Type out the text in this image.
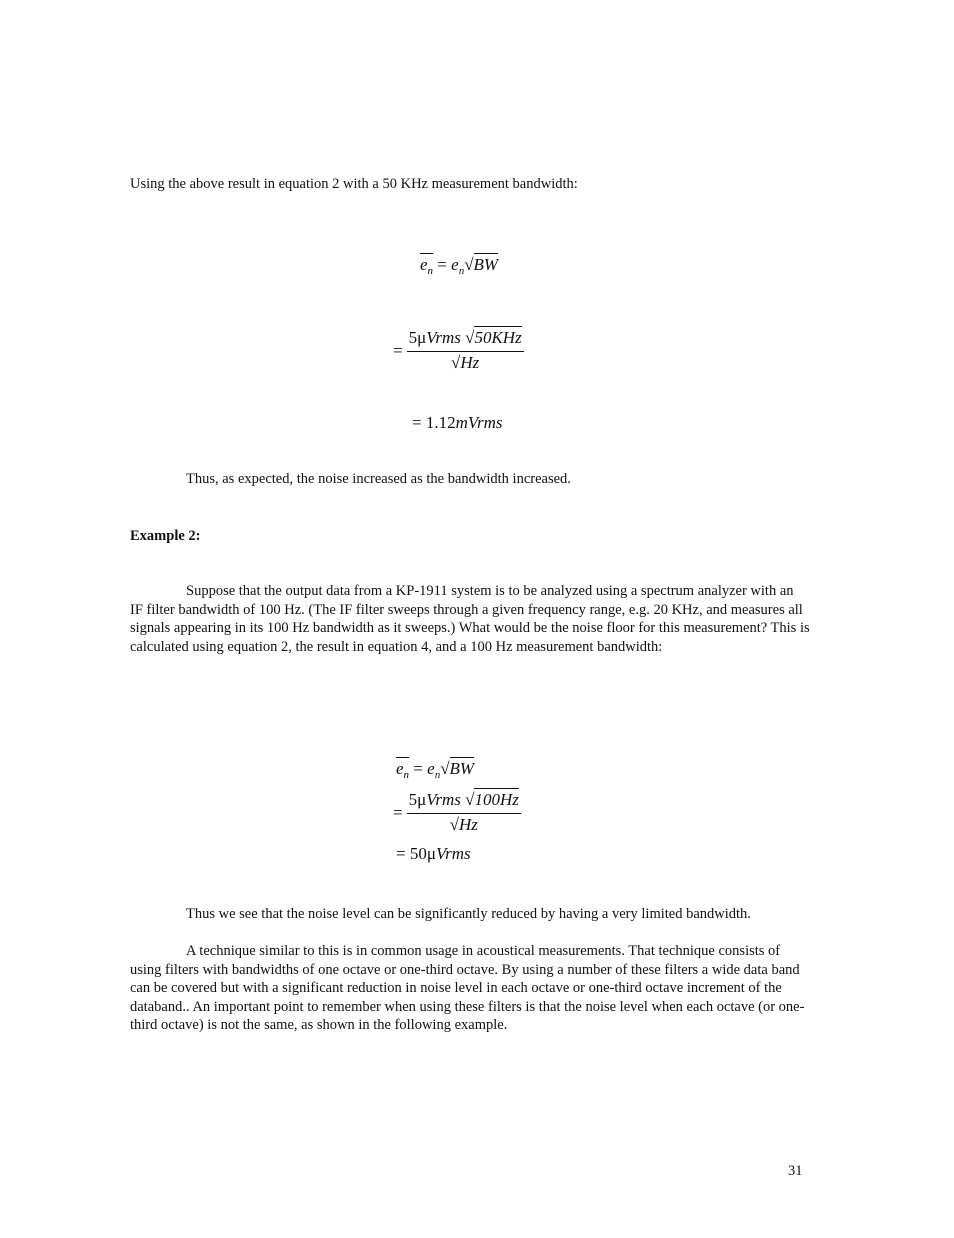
Using the above result in equation 2 with a 50 KHz measurement bandwidth:

$e_n = e_n√BW$
= $\frac{\text{5μVrms √50KHz}}{√Hz}$
= 1.12mVrms

Thus, as expected, the noise increased as the bandwidth increased.

Example 2:

Suppose that the output data from a KP-1911 system is to be analyzed using a spectrum analyzer with an IF filter bandwidth of 100 Hz. (The IF filter sweeps through a given frequency range, e.g. 20 KHz, and measures all signals appearing in its 100 Hz bandwidth as it sweeps.) What would be the noise floor for this measurement? This is calculated using equation 2, the result in equation 4, and a 100 Hz measurement bandwidth:

$e_n = e_n√BW$
= $\frac{\text{5μVrms √100Hz}}{√Hz}$
= 50μVrms

Thus we see that the noise level can be significantly reduced by having a very limited bandwidth.

A technique similar to this is in common usage in acoustical measurements. That technique consists of using filters with bandwidths of one octave or one-third octave. By using a number of these filters a wide data band can be covered but with a significant reduction in noise level in each octave or one-third octave increment of the databand.. An important point to remember when using these filters is that the noise level when each octave (or one-third octave) is not the same, as shown in the following example.

31
